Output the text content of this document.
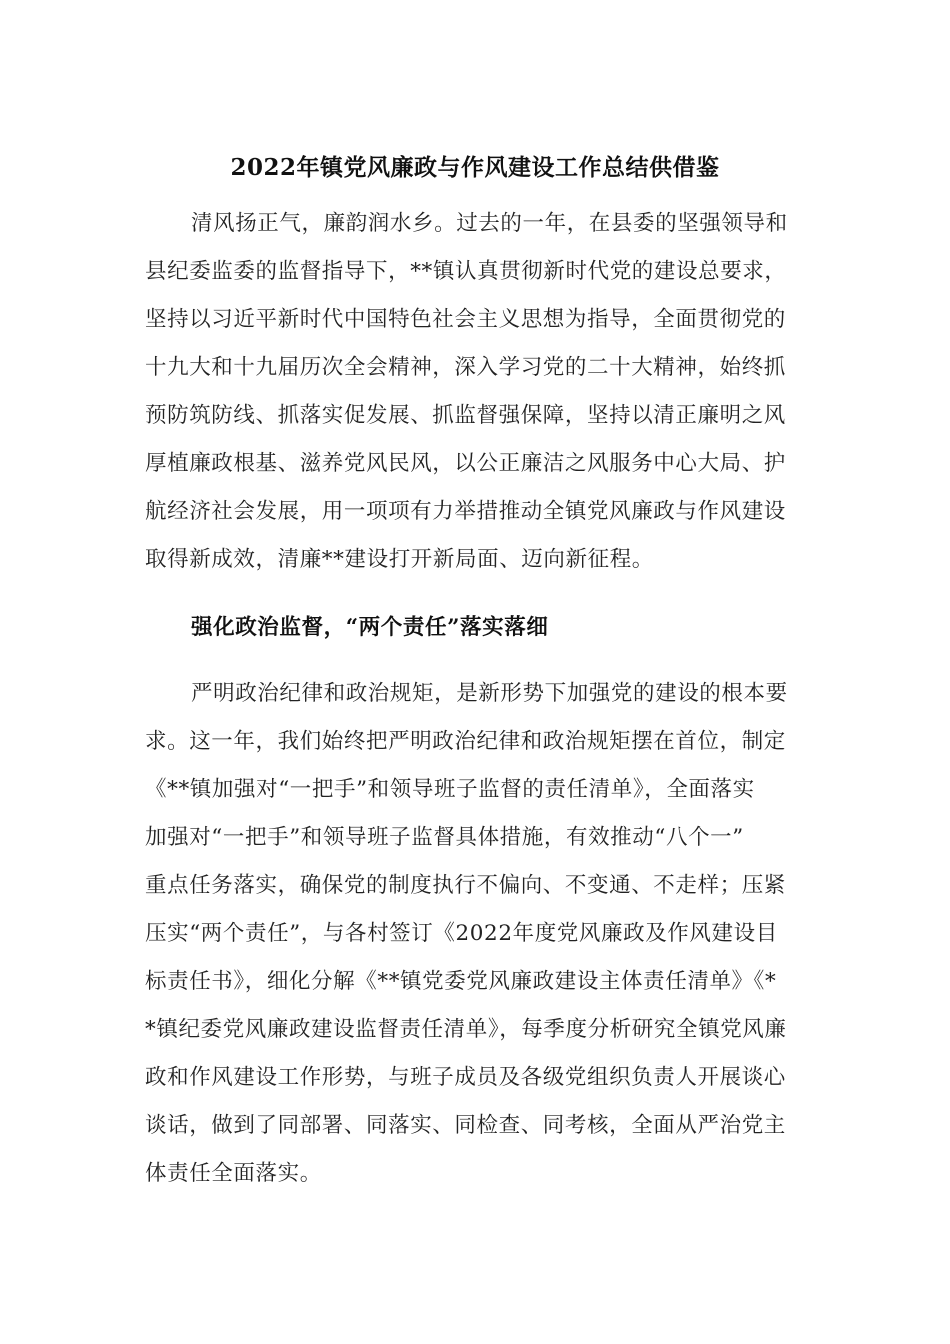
2022年镇党风廉政与作风建设工作总结供借鉴
清风扬正气，廉韵润水乡。过去的一年，在县委的坚强领导和
县纪委监委的监督指导下，**镇认真贯彻新时代党的建设总要求，
坚持以习近平新时代中国特色社会主义思想为指导，全面贯彻党的
十九大和十九届历次全会精神，深入学习党的二十大精神，始终抓
预防筑防线、抓落实促发展、抓监督强保障，坚持以清正廉明之风
厚植廉政根基、滋养党风民风，以公正廉洁之风服务中心大局、护
航经济社会发展，用一项项有力举措推动全镇党风廉政与作风建设
取得新成效，清廉**建设打开新局面、迈向新征程。
强化政治监督，“两个责任”落实落细
严明政治纪律和政治规矩，是新形势下加强党的建设的根本要
求。这一年，我们始终把严明政治纪律和政治规矩摆在首位，制定
《**镇加强对“一把手”和领导班子监督的责任清单》，全面落实
加强对“一把手”和领导班子监督具体措施，有效推动“八个一”
重点任务落实，确保党的制度执行不偏向、不变通、不走样；压紧
压实“两个责任”，与各村签订《2022年度党风廉政及作风建设目
标责任书》，细化分解《**镇党委党风廉政建设主体责任清单》《*
*镇纪委党风廉政建设监督责任清单》，每季度分析研究全镇党风廉
政和作风建设工作形势，与班子成员及各级党组织负责人开展谈心
谈话，做到了同部署、同落实、同检查、同考核，全面从严治党主
体责任全面落实。
